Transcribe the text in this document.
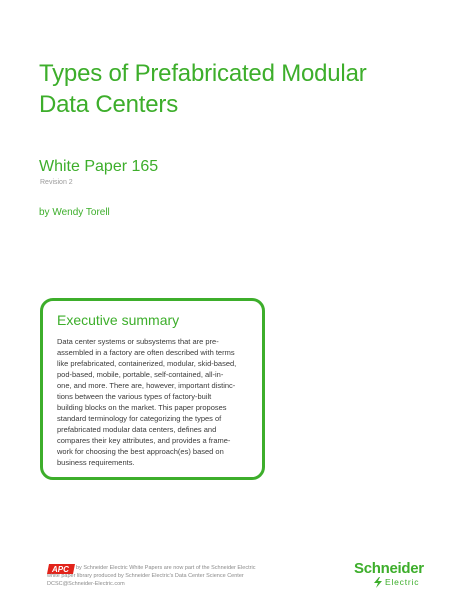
Types of Prefabricated Modular
Data Centers
White Paper 165
Revision 2
by Wendy Torell
Executive summary
Data center systems or subsystems that are pre-
assembled in a factory are often described with terms
like prefabricated, containerized, modular, skid-based,
pod-based, mobile, portable, self-contained, all-in-
one, and more. There are, however, important distinc-
tions between the various types of factory-built
building blocks on the market. This paper proposes
standard terminology for categorizing the types of
prefabricated modular data centers, defines and
compares their key attributes, and provides a frame-
work for choosing the best approach(es) based on
business requirements.
APC	by Schneider Electric White Papers are now part of the Schneider Electric
white paper library produced by Schneider Electric's Data Center Science Center
DCSC@Schneider-Electric.com
Schneider
Electric
